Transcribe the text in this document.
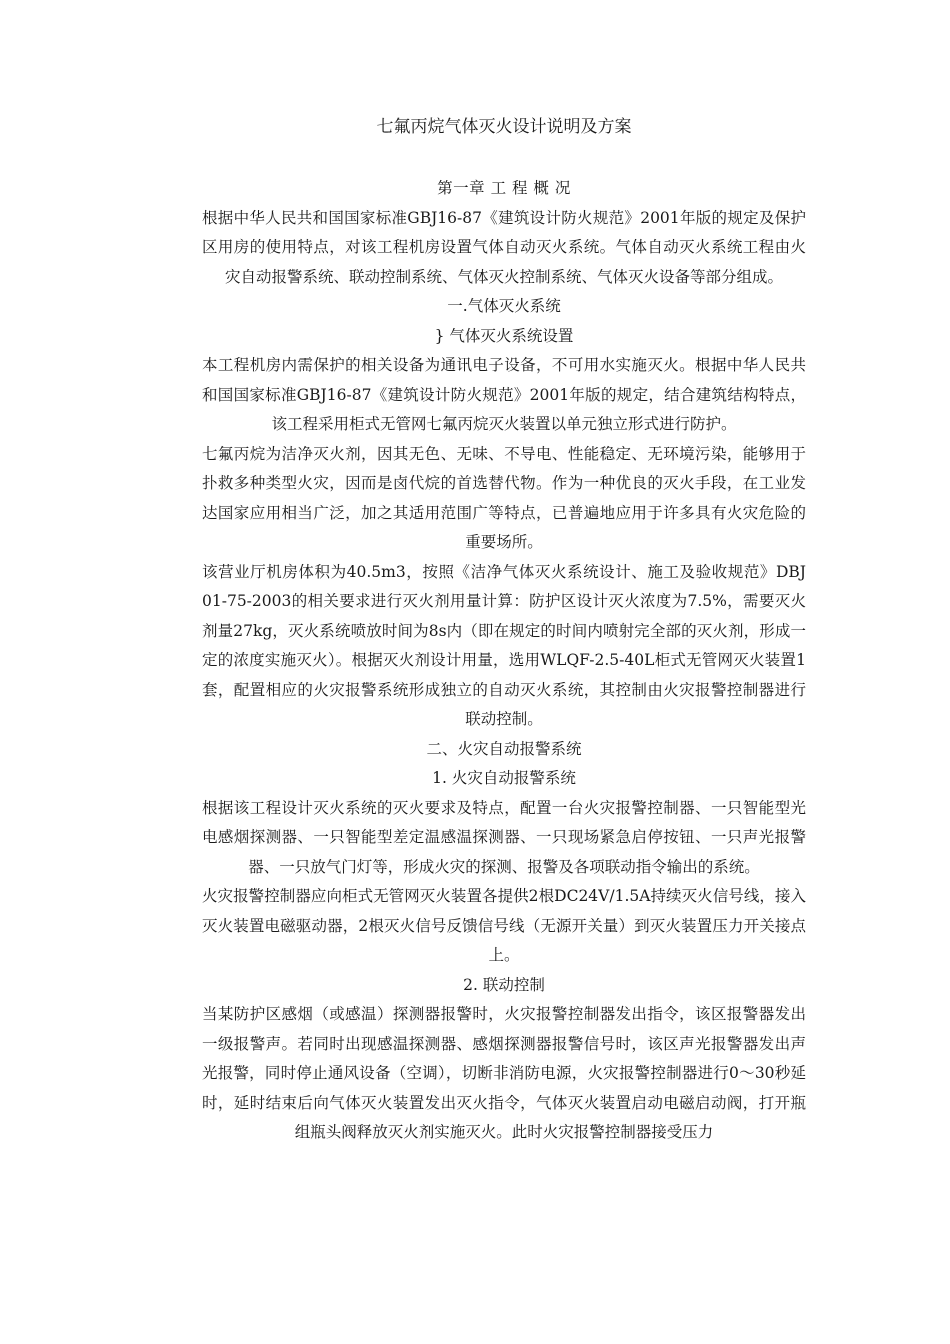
七氟丙烷气体灭火设计说明及方案

第一章 工 程 概 况

根据中华人民共和国国家标准GBJ16-87《建筑设计防火规范》2001年版的规定及保护区用房的使用特点，对该工程机房设置气体自动灭火系统。气体自动灭火系统工程由火灾自动报警系统、联动控制系统、气体灭火控制系统、气体灭火设备等部分组成。

一.气体灭火系统

} 气体灭火系统设置

本工程机房内需保护的相关设备为通讯电子设备，不可用水实施灭火。根据中华人民共和国国家标准GBJ16-87《建筑设计防火规范》2001年版的规定，结合建筑结构特点，该工程采用柜式无管网七氟丙烷灭火装置以单元独立形式进行防护。

七氟丙烷为洁净灭火剂，因其无色、无味、不导电、性能稳定、无环境污染，能够用于扑救多种类型火灾，因而是卤代烷的首选替代物。作为一种优良的灭火手段，在工业发达国家应用相当广泛，加之其适用范围广等特点，已普遍地应用于许多具有火灾危险的重要场所。

该营业厅机房体积为40.5m3，按照《洁净气体灭火系统设计、施工及验收规范》DBJ 01-75-2003的相关要求进行灭火剂用量计算：防护区设计灭火浓度为7.5%，需要灭火剂量27kg，灭火系统喷放时间为8s内（即在规定的时间内喷射完全部的灭火剂，形成一定的浓度实施灭火）。根据灭火剂设计用量，选用WLQF-2.5-40L柜式无管网灭火装置1套，配置相应的火灾报警系统形成独立的自动灭火系统，其控制由火灾报警控制器进行联动控制。

二、火灾自动报警系统

1. 火灾自动报警系统

根据该工程设计灭火系统的灭火要求及特点，配置一台火灾报警控制器、一只智能型光电感烟探测器、一只智能型差定温感温探测器、一只现场紧急启停按钮、一只声光报警器、一只放气门灯等，形成火灾的探测、报警及各项联动指令输出的系统。

火灾报警控制器应向柜式无管网灭火装置各提供2根DC24V/1.5A持续灭火信号线，接入灭火装置电磁驱动器，2根灭火信号反馈信号线（无源开关量）到灭火装置压力开关接点上。

2. 联动控制

当某防护区感烟（或感温）探测器报警时，火灾报警控制器发出指令，该区报警器发出一级报警声。若同时出现感温探测器、感烟探测器报警信号时，该区声光报警器发出声光报警，同时停止通风设备（空调），切断非消防电源，火灾报警控制器进行0～30秒延时，延时结束后向气体灭火装置发出灭火指令，气体灭火装置启动电磁启动阀，打开瓶组瓶头阀释放灭火剂实施灭火。此时火灾报警控制器接受压力
